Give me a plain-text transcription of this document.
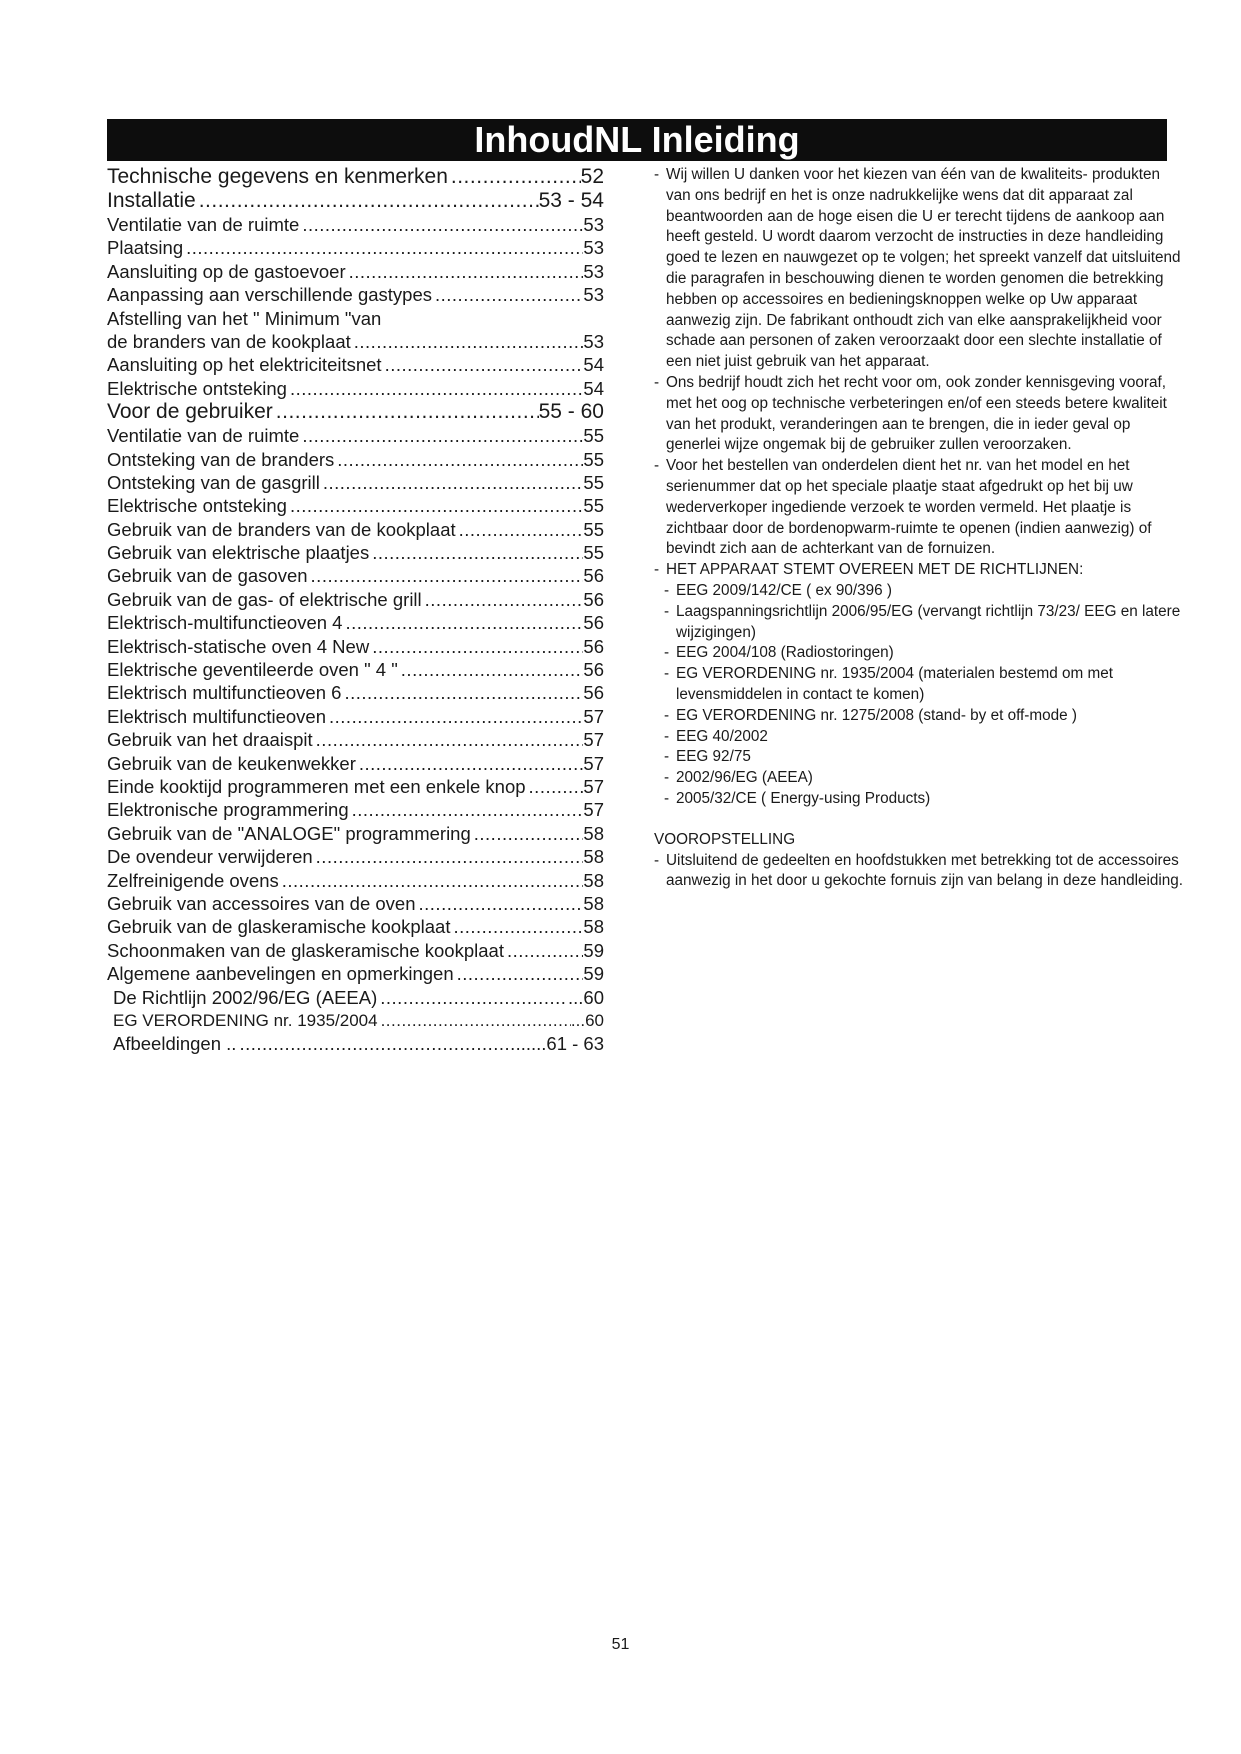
InhoudNL Inleiding
Technische gegevens en kenmerken .....	52
Installatie .....	53 - 54
Ventilatie van de ruimte .....	53
Plaatsing .....	53
Aansluiting op de gastoevoer .....	53
Aanpassing aan verschillende gastypes .....	53
Afstelling van het " Minimum "van
de branders van de kookplaat .....	53
Aansluiting op het elektriciteitsnet .....	54
Elektrische ontsteking .....	54
Voor de gebruiker .....	55 - 60
Ventilatie van de ruimte .....	55
Ontsteking van de branders .....	55
Ontsteking van de gasgrill .....	55
Elektrische ontsteking .....	55
Gebruik van de branders van de kookplaat .....	55
Gebruik van elektrische plaatjes .....	55
Gebruik van de gasoven .....	56
Gebruik van de gas- of elektrische grill .....	56
Elektrisch-multifunctieoven 4 .....	56
Elektrisch-statische oven 4 New .....	56
Elektrische geventileerde oven " 4 " .....	56
Elektrisch multifunctieoven 6 .....	56
Elektrisch multifunctieoven .....	57
Gebruik van het draaispit .....	57
Gebruik van de keukenwekker .....	57
Einde kooktijd programmeren met een enkele knop .....	57
Elektronische programmering .....	57
Gebruik van de "ANALOGE" programmering .....	58
De ovendeur verwijderen .....	58
Zelfreinigende ovens .....	58
Gebruik van accessoires van de oven .....	58
Gebruik van de glaskeramische kookplaat .....	58
Schoonmaken van de glaskeramische kookplaat .....	59
Algemene aanbevelingen en opmerkingen .....	59
De Richtlijn 2002/96/EG (AEEA) .....	...60
EG VERORDENING nr. 1935/2004 .....	...60
Afbeeldingen .. .....	......61 - 63

- Wij willen U danken voor het kiezen van één van de kwaliteits- produkten van ons bedrijf en het is onze nadrukkelijke wens dat dit apparaat zal beantwoorden aan de hoge eisen die U er terecht tijdens de aankoop aan heeft gesteld. U wordt daarom verzocht de instructies in deze handleiding goed te lezen en nauwgezet op te volgen; het spreekt vanzelf dat uitsluitend die paragrafen in beschouwing dienen te worden genomen die betrekking hebben op accessoires en bedieningsknoppen welke op Uw apparaat aanwezig zijn. De fabrikant onthoudt zich van elke aansprakelijkheid voor schade aan personen of zaken veroorzaakt door een slechte installatie of een niet juist gebruik van het apparaat.

- Ons bedrijf houdt zich het recht voor om, ook zonder kennisgeving vooraf, met het oog op technische verbeteringen en/of een steeds betere kwaliteit van het produkt, veranderingen aan te brengen, die in ieder geval op generlei wijze ongemak bij de gebruiker zullen veroorzaken.

- Voor het bestellen van onderdelen dient het nr. van het model en het serienummer dat op het speciale plaatje staat afgedrukt op het bij uw wederverkoper ingediende verzoek te worden vermeld. Het plaatje is zichtbaar door de bordenopwarm-ruimte te openen (indien aanwezig) of bevindt zich aan de achterkant van de fornuizen.

- HET APPARAAT STEMT OVEREEN MET DE RICHTLIJNEN:

- EEG 2009/142/CE ( ex 90/396 )
- Laagspanningsrichtlijn 2006/95/EG (vervangt richtlijn 73/23/ EEG en latere wijzigingen)
- EEG 2004/108 (Radiostoringen)
- EG VERORDENING nr. 1935/2004 (materialen bestemd om met levensmiddelen in contact te komen)
- EG VERORDENING nr. 1275/2008 (stand- by et off-mode )
- EEG 40/2002
- EEG 92/75
- 2002/96/EG (AEEA)
- 2005/32/CE ( Energy-using Products)

VOOROPSTELLING

- Uitsluitend de gedeelten en hoofdstukken met betrekking tot de accessoires aanwezig in het door u gekochte fornuis zijn van belang in deze handleiding.

51
